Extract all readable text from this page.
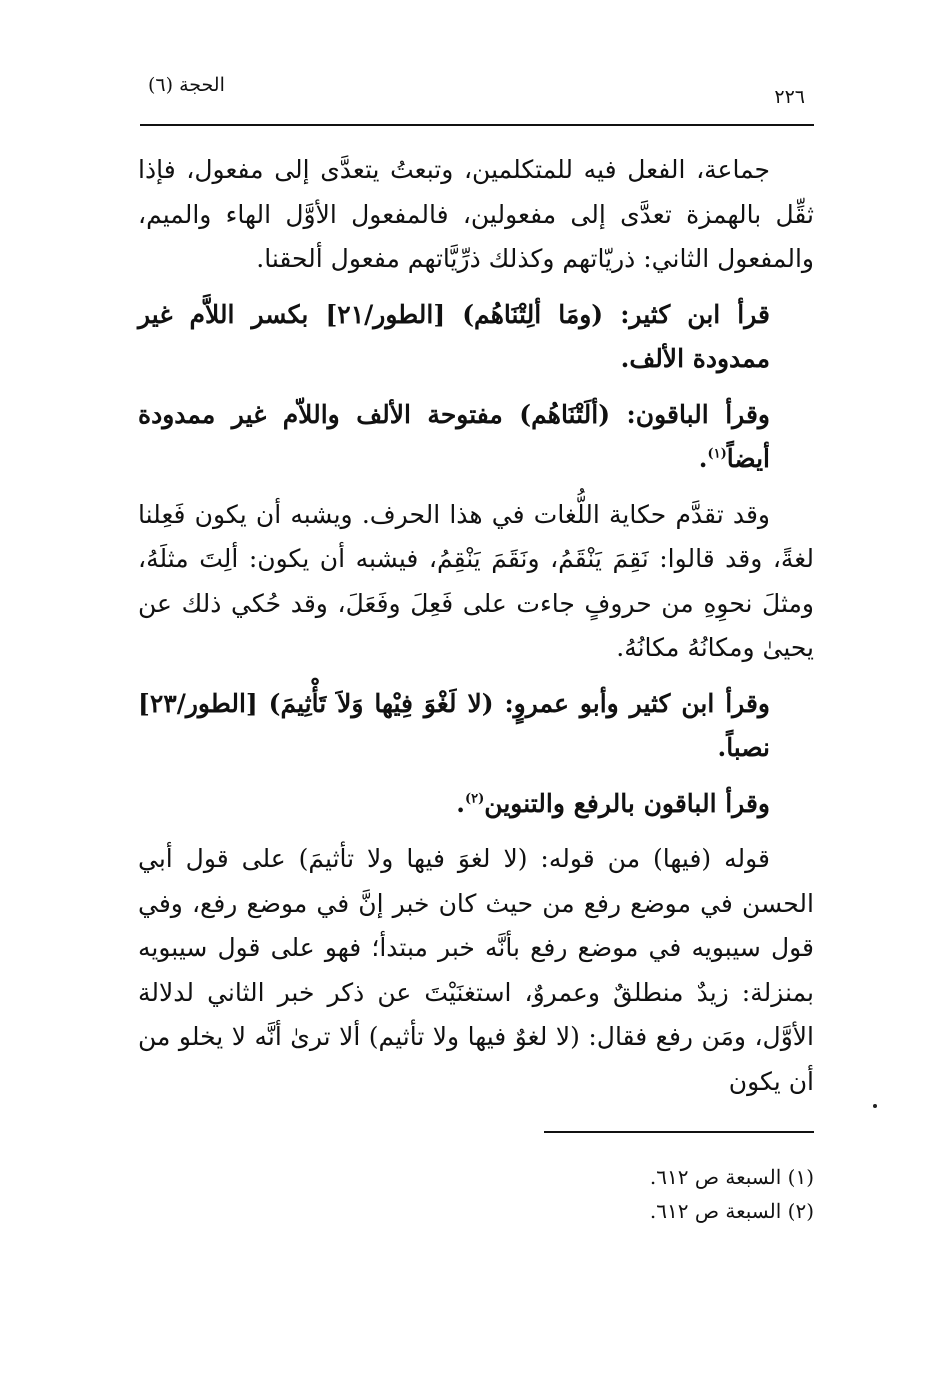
الحجة (٦)
٢٢٦

جماعة، الفعل فيه للمتكلمين، وتبعتُ يتعدَّى إلى مفعول، فإذا ثقِّل بالهمزة تعدَّى إلى مفعولين، فالمفعول الأوَّل الهاء والميم، والمفعول الثاني: ذريّاتهم وكذلك ذرِّيَّاتهم مفعول ألحقنا.

قرأ ابن كثير: (ومَا ألِتْنَاهُم) [الطور/٢١] بكسر اللاَّم غير ممدودة الألف.

وقرأ الباقون: (ألَتْنَاهُم) مفتوحة الألف واللاّم غير ممدودة أيضاً$^{(١)}$.

وقد تقدَّم حكاية اللُّغات في هذا الحرف. ويشبه أن يكون فَعِلنا لغةً، وقد قالوا: نَقِمَ يَنْقَمُ، ونَقَمَ يَنْقِمُ، فيشبه أن يكون: ألِتَ مثلَهُ، ومثلَ نحوِهِ من حروفٍ جاءت على فَعِلَ وفَعَلَ، وقد حُكي ذلك عن يحيىٰ ومكانُهُ مكانُهُ.

وقرأ ابن كثير وأبو عمروٍ: (لا لَغْوَ فِيْها وَلاَ تَأْثِيمَ) [الطور/٢٣] نصباً.

وقرأ الباقون بالرفع والتنوين$^{(٢)}$.

قوله (فيها) من قوله: (لا لغوَ فيها ولا تأثيمَ) على قول أبي الحسن في موضع رفع من حيث كان خبر إنَّ في موضع رفع، وفي قول سيبويه في موضع رفع بأنَّه خبر مبتدأ؛ فهو على قول سيبويه بمنزلة: زيدٌ منطلقٌ وعمروٌ، استغنَيْتَ عن ذكر خبر الثاني لدلالة الأوَّل، ومَن رفع فقال: (لا لغوٌ فيها ولا تأثيم) ألا ترىٰ أنَّه لا يخلو من أن يكون

(١) السبعة ص ٦١٢.
(٢) السبعة ص ٦١٢.
